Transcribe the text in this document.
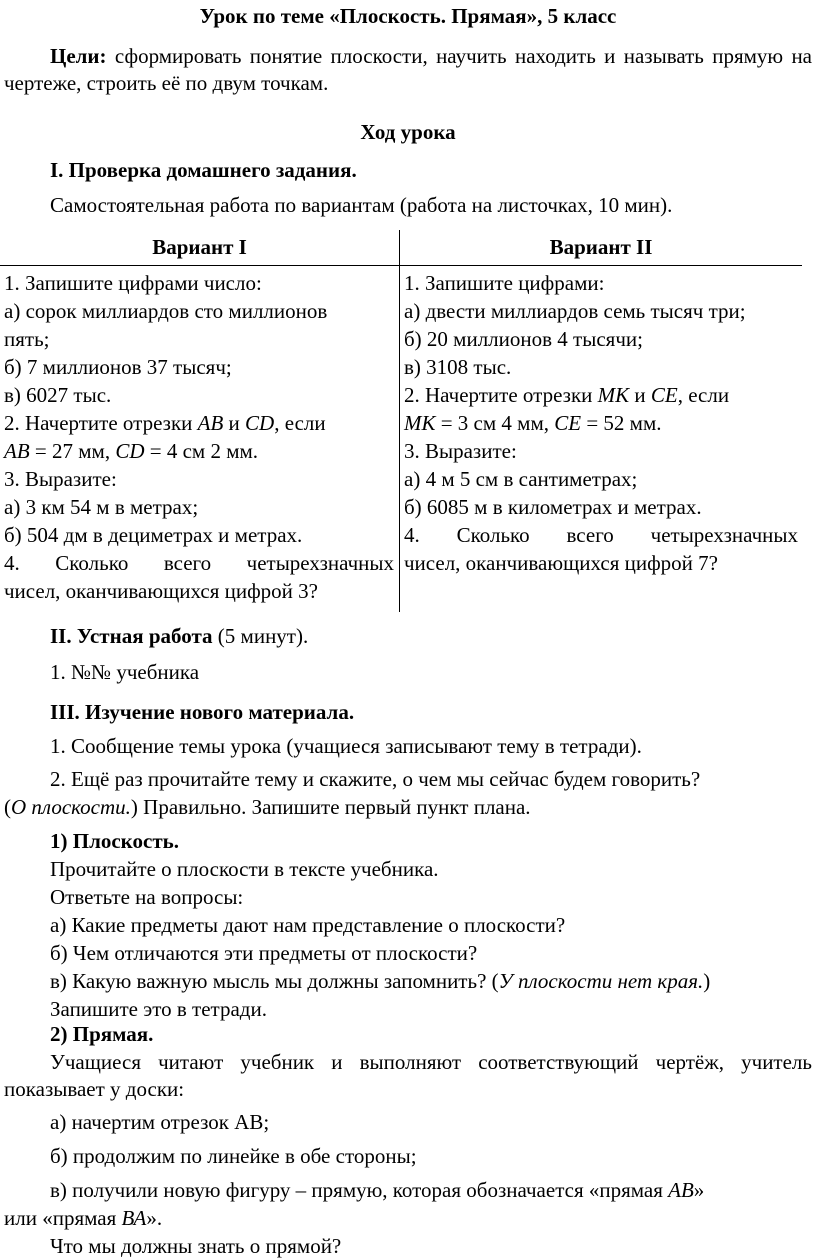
Урок по теме «Плоскость. Прямая», 5 класс
Цели: сформировать понятие плоскости, научить находить и называть прямую на чертеже, строить её по двум точкам.
Ход урока
I. Проверка домашнего задания.
Самостоятельная работа по вариантам (работа на листочках, 10 мин).
Вариант I	Вариант II
1. Запишите цифрами число:
а) сорок миллиардов сто миллионов
пять;
б) 7 миллионов 37 тысяч;
в) 6027 тыс.
2. Начертите отрезки AB и CD, если
AB = 27 мм, CD = 4 см 2 мм.
3. Выразите:
а) 3 км 54 м в метрах;
б) 504 дм в дециметрах и метрах.
4. Сколько всего четырехзначных
чисел, оканчивающихся цифрой 3?
1. Запишите цифрами:
а) двести миллиардов семь тысяч три;
б) 20 миллионов 4 тысячи;
в) 3108 тыс.
2. Начертите отрезки МК и СЕ, если
МК = 3 см 4 мм, СЕ = 52 мм.
3. Выразите:
а) 4 м 5 см в сантиметрах;
б) 6085 м в километрах и метрах.
4. Сколько всего четырехзначных
чисел, оканчивающихся цифрой 7?
II. Устная работа (5 минут).
1. №№ учебника
III. Изучение нового материала.
1. Сообщение темы урока (учащиеся записывают тему в тетради).
2. Ещё раз прочитайте тему и скажите, о чем мы сейчас будем говорить?
(О плоскости.) Правильно. Запишите первый пункт плана.
1) Плоскость.
Прочитайте о плоскости в тексте учебника.
Ответьте на вопросы:
а) Какие предметы дают нам представление о плоскости?
б) Чем отличаются эти предметы от плоскости?
в) Какую важную мысль мы должны запомнить? (У плоскости нет края.)
Запишите это в тетради.
2) Прямая.
Учащиеся читают учебник и выполняют соответствующий чертёж, учитель показывает у доски:
а) начертим отрезок АВ;
б) продолжим по линейке в обе стороны;
в) получили новую фигуру – прямую, которая обозначается «прямая АВ»
или «прямая ВА».
Что мы должны знать о прямой?
